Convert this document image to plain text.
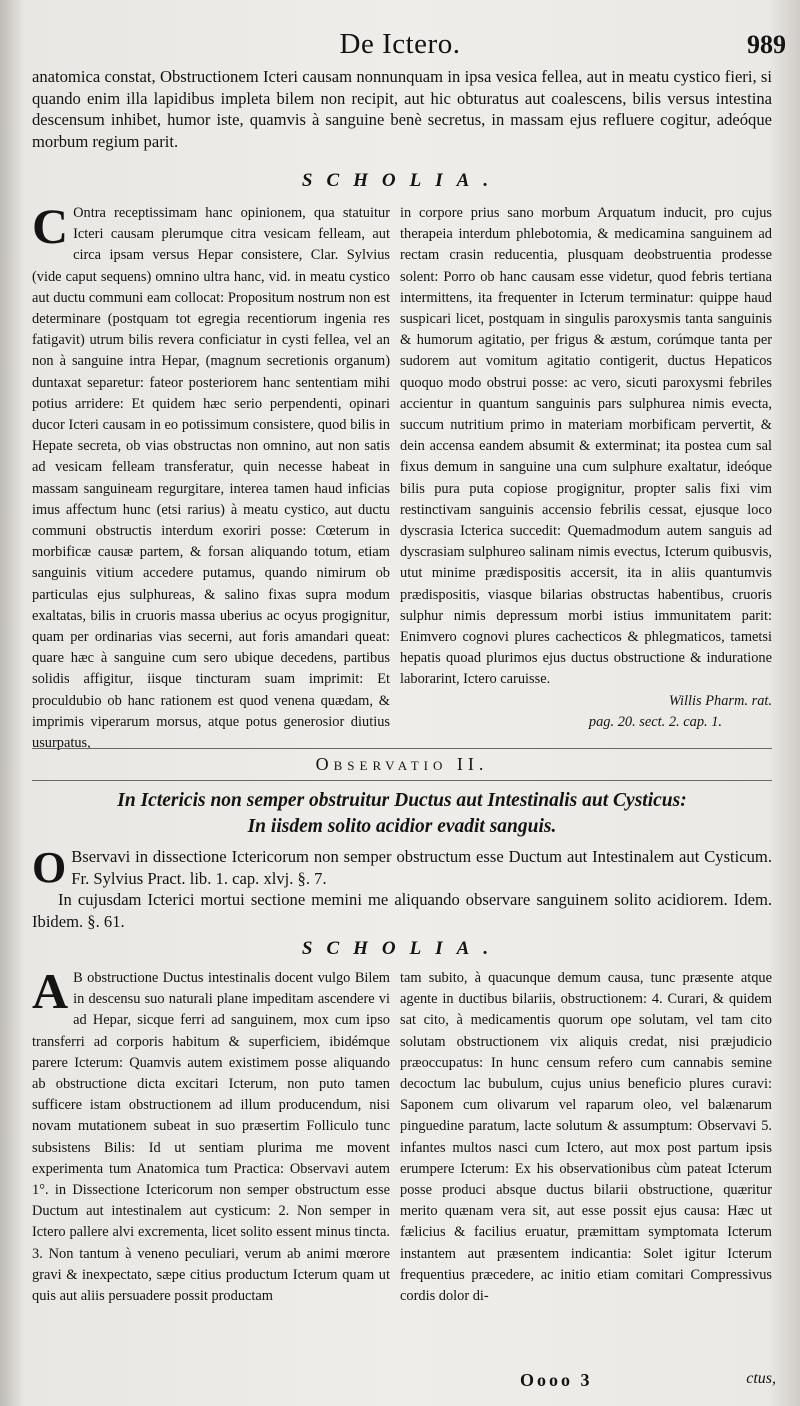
De Ictero.	989

anatomica constat, Obstructionem Icteri causam nonnunquam in ipsa vesica fellea, aut in meatu cystico fieri, si quando enim illa lapidibus impleta bilem non recipit, aut hic obturatus aut coalescens, bilis versus intestina descensum inhibet, humor iste, quamvis à sanguine benè secretus, in massam ejus refluere cogitur, adeóque morbum regium parit.

SCHOLIA.

C Ontra receptissimam hanc opinionem, qua statuitur Icteri causam plerumque citra vesicam felleam, aut circa ipsam versus Hepar consistere, Clar. Sylvius (vide caput sequens) omnino ultra hanc, vid. in meatu cystico aut ductu communi eam collocat: Propositum nostrum non est determinare (postquam tot egregia recentiorum ingenia res fatigavit) utrum bilis revera conficiatur in cysti fellea, vel an non à sanguine intra Hepar, (magnum secretionis organum) duntaxat separetur: fateor posteriorem hanc sententiam mihi potius arridere: Et quidem hæc serio perpendenti, opinari ducor Icteri causam in eo potissimum consistere, quod bilis in Hepate secreta, ob vias obstructas non omnino, aut non satis ad vesicam felleam transferatur, quin necesse habeat in massam sanguineam regurgitare, interea tamen haud inficias imus affectum hunc (etsi rarius) à meatu cystico, aut ductu communi obstructis interdum exoriri posse: Cœterum in morbificæ causæ partem, & forsan aliquando totum, etiam sanguinis vitium accedere putamus, quando nimirum ob particulas ejus sulphureas, & salino fixas supra modum exaltatas, bilis in cruoris massa uberius ac ocyus progignitur, quam per ordinarias vias secerni, aut foris amandari queat: quare hæc à sanguine cum sero ubique decedens, partibus solidis affigitur, iisque tincturam suam imprimit: Et proculdubio ob hanc rationem est quod venena quædam, & imprimis viperarum morsus, atque potus generosior diutius usurpatus,

in corpore prius sano morbum Arquatum inducit, pro cujus therapeia interdum phlebotomia, & medicamina sanguinem ad rectam crasin reducentia, plusquam deobstruentia prodesse solent: Porro ob hanc causam esse videtur, quod febris tertiana intermittens, ita frequenter in Icterum terminatur: quippe haud suspicari licet, postquam in singulis paroxysmis tanta sanguinis & humorum agitatio, per frigus & æstum, corúmque tanta per sudorem aut vomitum agitatio contigerit, ductus Hepaticos quoquo modo obstrui posse: ac vero, sicuti paroxysmi febriles accientur in quantum sanguinis pars sulphurea nimis evecta, succum nutritium primo in materiam morbificam pervertit, & dein accensa eandem absumit & exterminat; ita postea cum sal fixus demum in sanguine una cum sulphure exaltatur, ideóque bilis pura puta copiose progignitur, propter salis fixi vim restinctivam sanguinis accensio febrilis cessat, ejusque loco dyscrasia Icterica succedit: Quemadmodum autem sanguis ad dyscrasiam sulphureo salinam nimis evectus, Icterum quibusvis, utut minime prædispositis accersit, ita in aliis quantumvis prædispositis, viasque bilarias obstructas habentibus, cruoris sulphur nimis depressum morbi istius immunitatem parit: Enimvero cognovi plures cachecticos & phlegmaticos, tametsi hepatis quoad plurimos ejus ductus obstructione & induratione laborarint, Ictero caruisse.

Willis Pharm. rat.

pag. 20. sect. 2. cap. 1.

Observatio II.

In Ictericis non semper obstruitur Ductus aut Intestinalis aut Cysticus:

In iisdem solito acidior evadit sanguis.

O Bservavi in dissectione Ictericorum non semper obstructum esse Ductum aut Intestinalem aut Cysticum. Fr. Sylvius Pract. lib. 1. cap. xlvj. §. 7.

In cujusdam Icterici mortui sectione memini me aliquando observare sanguinem solito acidiorem. Idem. Ibidem. §. 61.

SCHOLIA.

A B obstructione Ductus intestinalis docent vulgo Bilem in descensu suo naturali plane impeditam ascendere vi ad Hepar, sicque ferri ad sanguinem, mox cum ipso transferri ad corporis habitum & superficiem, ibidémque parere Icterum: Quamvis autem existimem posse aliquando ab obstructione dicta excitari Icterum, non puto tamen sufficere istam obstructionem ad illum producendum, nisi novam mutationem subeat in suo præsertim Folliculo tunc subsistens Bilis: Id ut sentiam plurima me movent experimenta tum Anatomica tum Practica: Observavi autem 1°. in Dissectione Ictericorum non semper obstructum esse Ductum aut intestinalem aut cysticum: 2. Non semper in Ictero pallere alvi excrementa, licet solito essent minus tincta. 3. Non tantum à veneno peculiari, verum ab animi mœrore gravi & inexpectato, sæpe citius productum Icterum quam ut quis aut aliis persuadere possit productam

tam subito, à quacunque demum causa, tunc præsente atque agente in ductibus bilariis, obstructionem: 4. Curari, & quidem sat cito, à medicamentis quorum ope solutam, vel tam cito solutam obstructionem vix aliquis credat, nisi præjudicio præoccupatus: In hunc censum refero cum cannabis semine decoctum lac bubulum, cujus unius beneficio plures curavi: Saponem cum olivarum vel raparum oleo, vel balænarum pinguedine paratum, lacte solutum & assumptum: Observavi 5. infantes multos nasci cum Ictero, aut mox post partum ipsis erumpere Icterum: Ex his observationibus cùm pateat Icterum posse produci absque ductus bilarii obstructione, quæritur merito quænam vera sit, aut esse possit ejus causa: Hæc ut fælicius & facilius eruatur, præmittam symptomata Icterum instantem aut præsentem indicantia: Solet igitur Icterum frequentius præcedere, ac initio etiam comitari Compressivus cordis dolor di-

Oooo 3	ctus,
